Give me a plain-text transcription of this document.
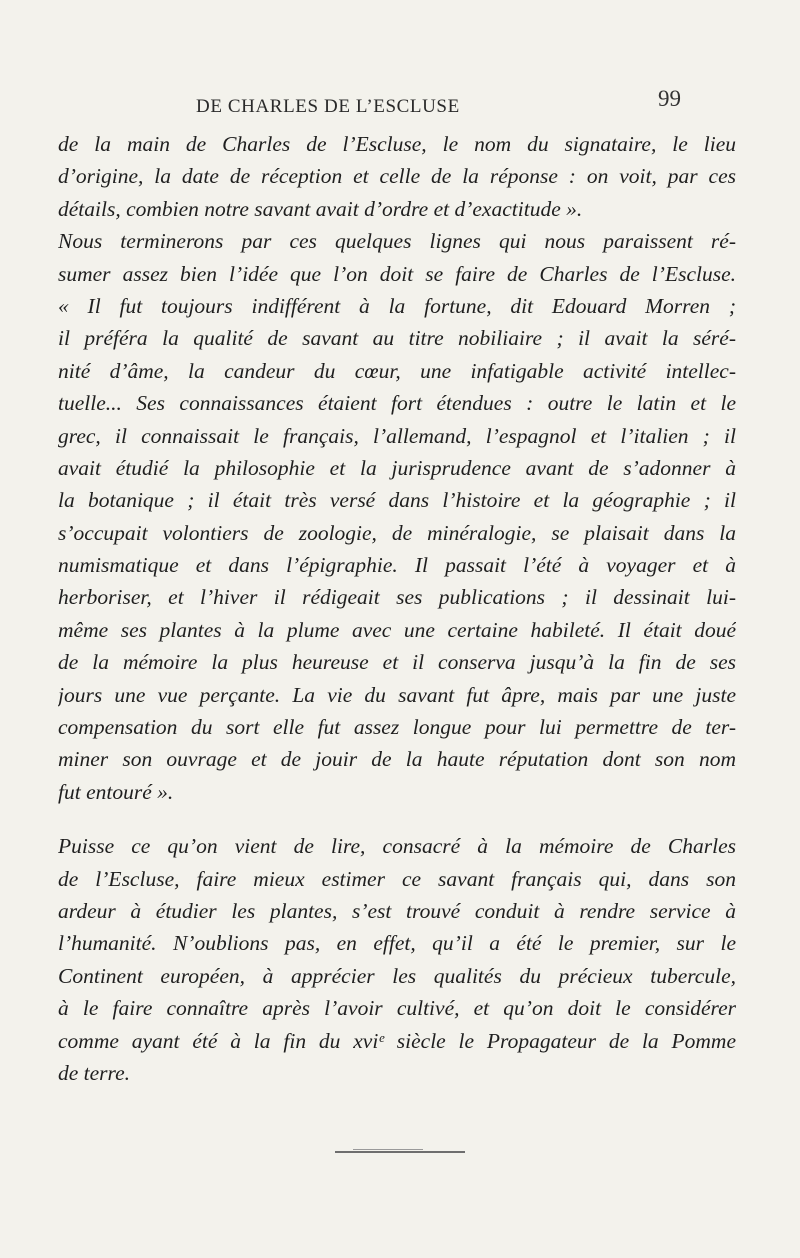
DE CHARLES DE L’ESCLUSE	99
de la main de Charles de l’Escluse, le nom du signataire, le lieu
d’origine, la date de réception et celle de la réponse : on voit, par ces
détails, combien notre savant avait d’ordre et d’exactitude ».
Nous terminerons par ces quelques lignes qui nous paraissent ré-
sumer assez bien l’idée que l’on doit se faire de Charles de l’Escluse.
« Il fut toujours indifférent à la fortune, dit Edouard Morren ;
il préféra la qualité de savant au titre nobiliaire ; il avait la séré-
nité d’âme, la candeur du cœur, une infatigable activité intellec-
tuelle... Ses connaissances étaient fort étendues : outre le latin et le
grec, il connaissait le français, l’allemand, l’espagnol et l’italien ; il
avait étudié la philosophie et la jurisprudence avant de s’adonner à
la botanique ; il était très versé dans l’histoire et la géographie ; il
s’occupait volontiers de zoologie, de minéralogie, se plaisait dans la
numismatique et dans l’épigraphie. Il passait l’été à voyager et à
herboriser, et l’hiver il rédigeait ses publications ; il dessinait lui-
même ses plantes à la plume avec une certaine habileté. Il était doué
de la mémoire la plus heureuse et il conserva jusqu’à la fin de ses
jours une vue perçante. La vie du savant fut âpre, mais par une juste
compensation du sort elle fut assez longue pour lui permettre de ter-
miner son ouvrage et de jouir de la haute réputation dont son nom
fut entouré ».
Puisse ce qu’on vient de lire, consacré à la mémoire de Charles
de l’Escluse, faire mieux estimer ce savant français qui, dans son
ardeur à étudier les plantes, s’est trouvé conduit à rendre service à
l’humanité. N’oublions pas, en effet, qu’il a été le premier, sur le
Continent européen, à apprécier les qualités du précieux tubercule,
à le faire connaître après l’avoir cultivé, et qu’on doit le considérer
comme ayant été à la fin du xviᵉ siècle le Propagateur de la Pomme
de terre.
